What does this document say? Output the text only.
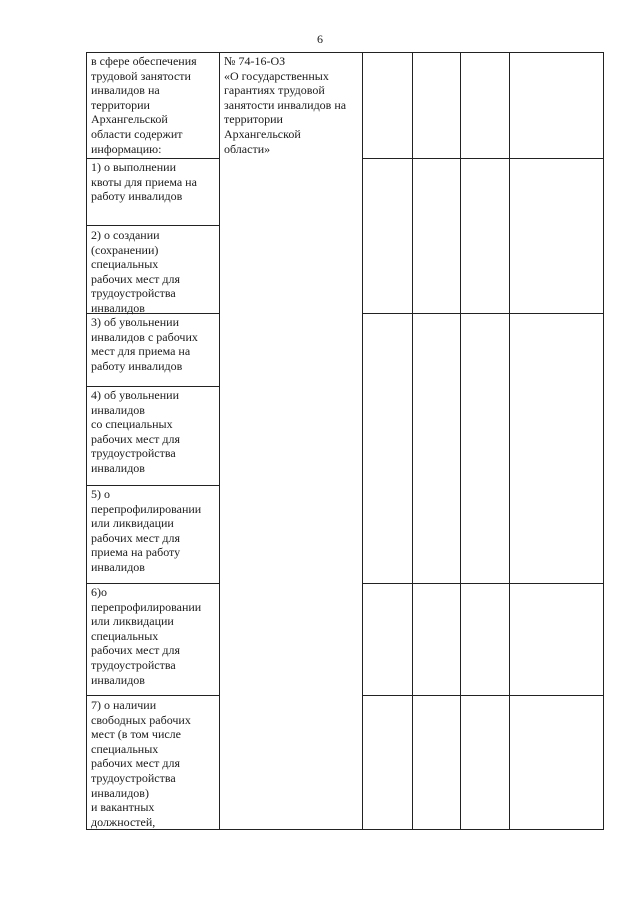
6
в сфере обеспечения
трудовой занятости
инвалидов на
территории
Архангельской
области содержит
информацию:
1) о выполнении
квоты для приема на
работу инвалидов
2) о создании
(сохранении)
специальных
рабочих мест для
трудоустройства
инвалидов
3) об увольнении
инвалидов с рабочих
мест для приема на
работу инвалидов
4) об увольнении
инвалидов
со специальных
рабочих мест для
трудоустройства
инвалидов
5) о
перепрофилировании
или ликвидации
рабочих мест для
приема на работу
инвалидов
6)о
перепрофилировании
или ликвидации
специальных
рабочих мест для
трудоустройства
инвалидов
7) о наличии
свободных рабочих
мест (в том числе
специальных
рабочих мест для
трудоустройства
инвалидов)
и вакантных
должностей,
№ 74-16-ОЗ
«О государственных
гарантиях трудовой
занятости инвалидов на
территории
Архангельской
области»
